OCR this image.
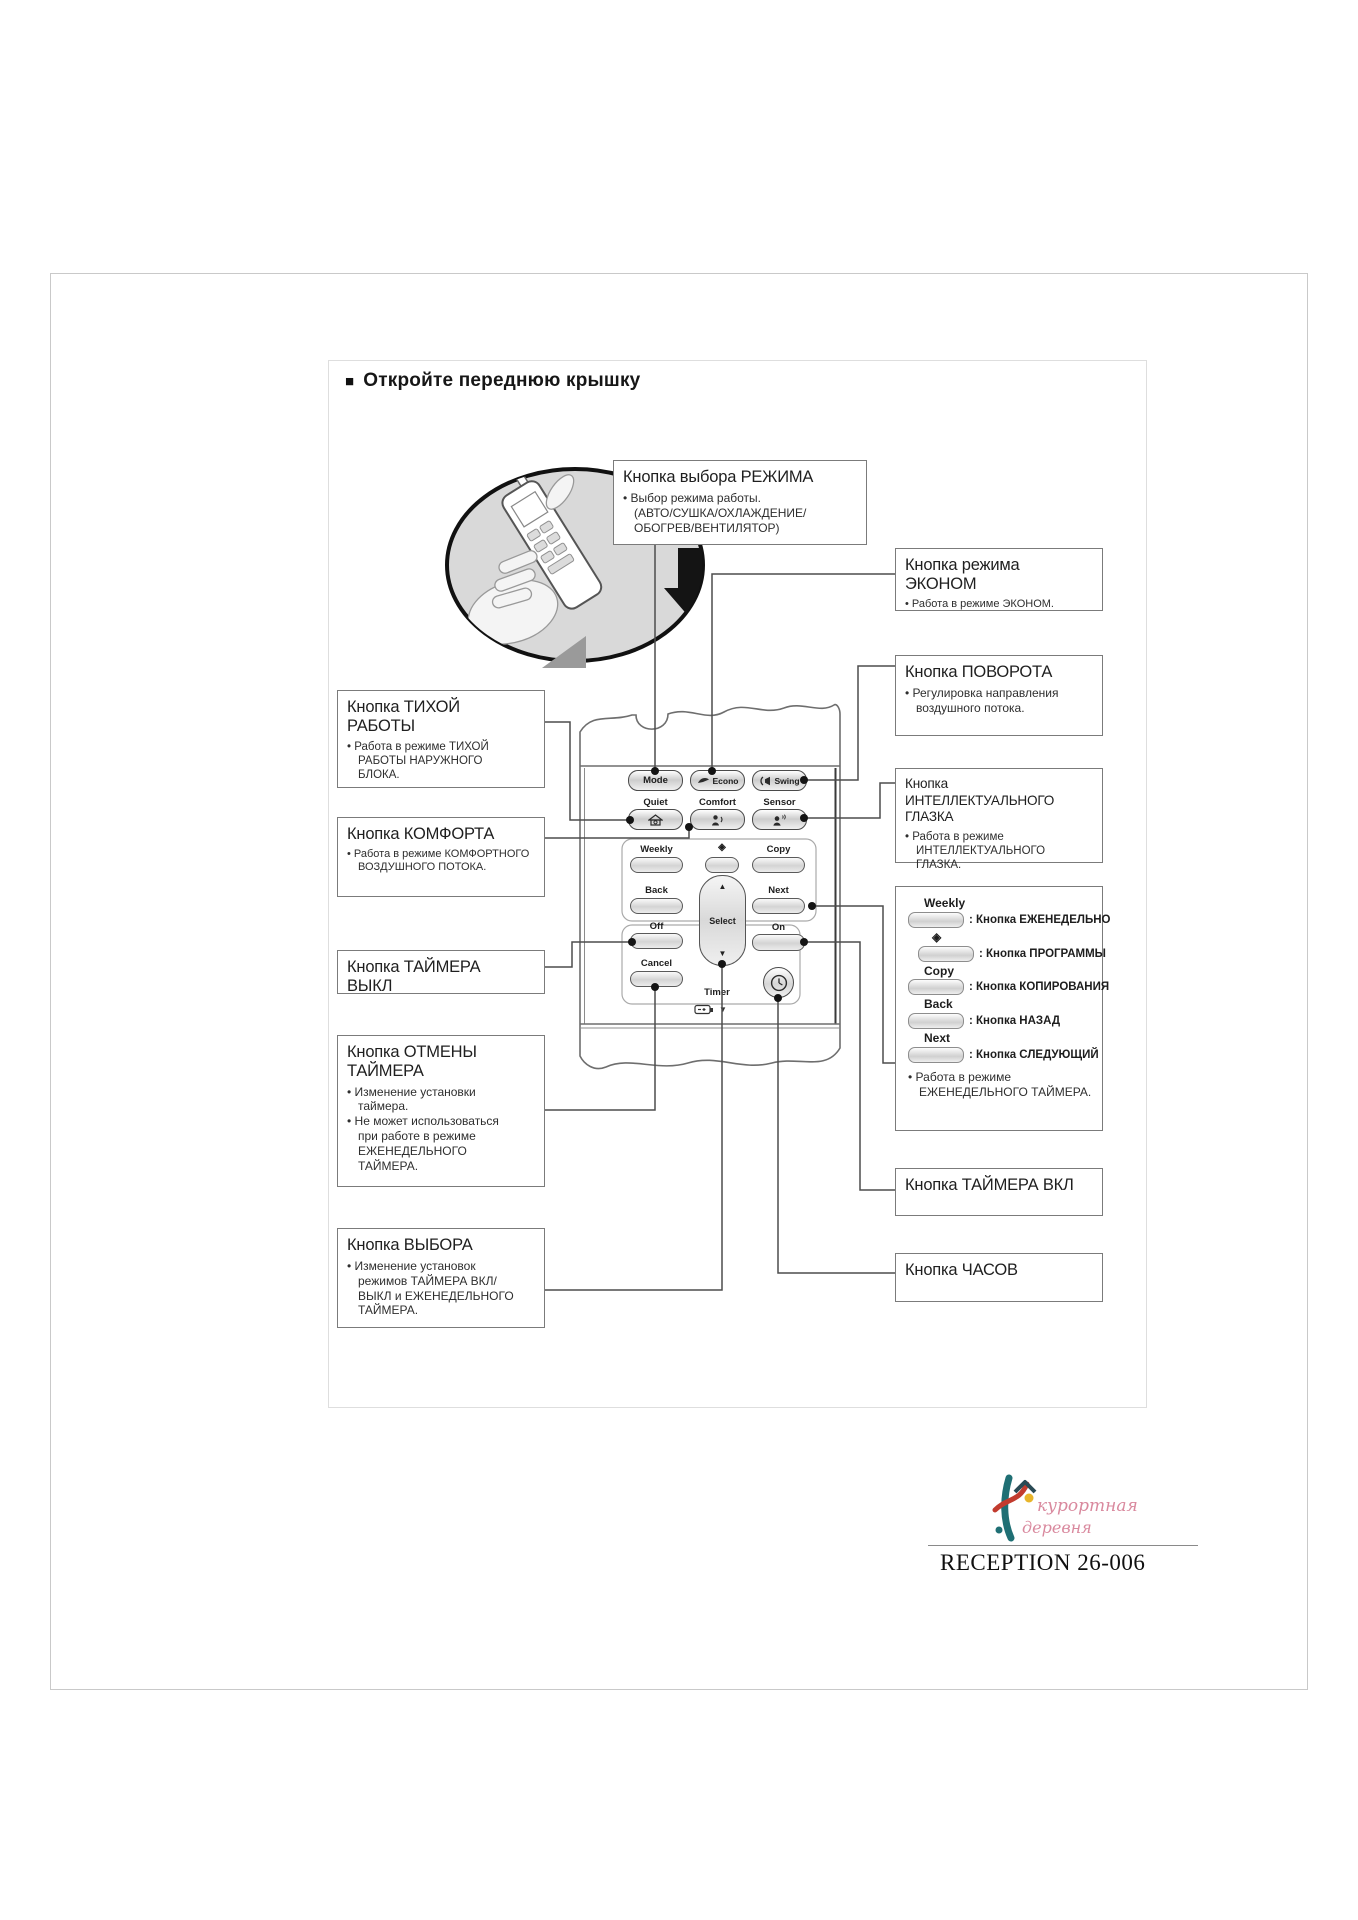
■ Откройте переднюю крышку
Mode	Econo	Swing
Quiet	Comfort	Sensor
Weekly	◈	Copy
Back	Next
▲
Select
▼
Off	On
Cancel
Timer
▼
Кнопка выбора РЕЖИМА
• Выбор режима работы.
(АВТО/СУШКА/ОХЛАЖДЕНИЕ/
ОБОГРЕВ/ВЕНТИЛЯТОР)
Кнопка режима
ЭКОНОМ
• Работа в режиме ЭКОНОМ.
Кнопка ПОВОРОТА
• Регулировка направления
воздушного потока.
Кнопка ИНТЕЛЛЕКТУАЛЬНОГО
ГЛАЗКА
• Работа в режиме
ИНТЕЛЛЕКТУАЛЬНОГО
ГЛАЗКА.
Weekly
: Кнопка ЕЖЕНЕДЕЛЬНО
◈
: Кнопка ПРОГРАММЫ
Copy
: Кнопка КОПИРОВАНИЯ
Back
: Кнопка НАЗАД
Next
: Кнопка СЛЕДУЮЩИЙ
• Работа в режиме
ЕЖЕНЕДЕЛЬНОГО ТАЙМЕРА.
Кнопка ТАЙМЕРА ВКЛ
Кнопка ЧАСОВ
Кнопка ТИХОЙ
РАБОТЫ
• Работа в режиме ТИХОЙ
РАБОТЫ НАРУЖНОГО
БЛОКА.
Кнопка КОМФОРТА
• Работа в режиме КОМФОРТНОГО
ВОЗДУШНОГО ПОТОКА.
Кнопка ТАЙМЕРА
ВЫКЛ
Кнопка ОТМЕНЫ
ТАЙМЕРА
• Изменение установки
таймера.
• Не может использоваться
при работе в режиме
ЕЖЕНЕДЕЛЬНОГО
ТАЙМЕРА.
Кнопка ВЫБОРА
• Изменение установок
режимов ТАЙМЕРА ВКЛ/
ВЫКЛ и ЕЖЕНЕДЕЛЬНОГО
ТАЙМЕРА.
курортная
деревня
RECEPTION 26-006
